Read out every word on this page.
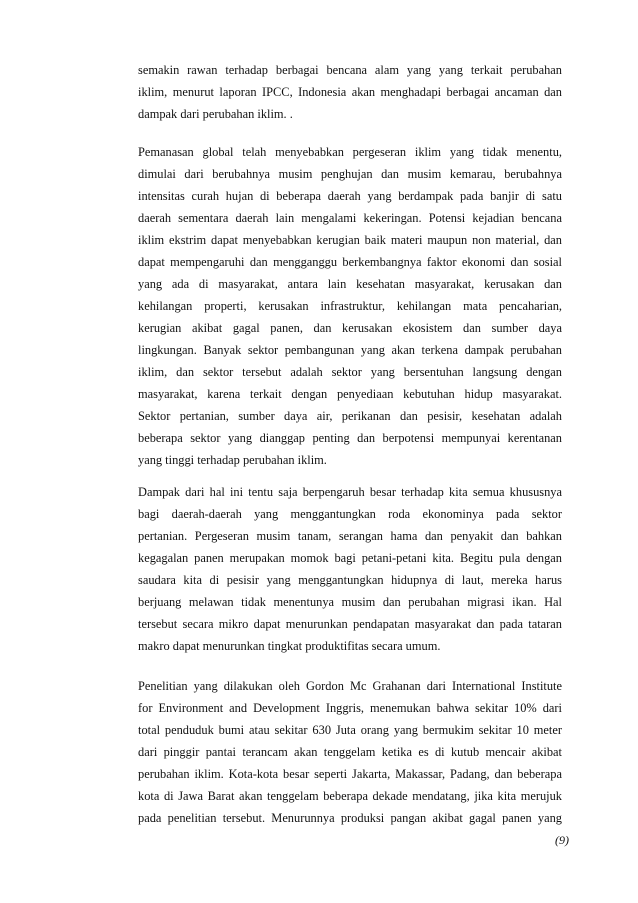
semakin rawan terhadap berbagai bencana alam yang yang terkait perubahan
iklim, menurut laporan IPCC, Indonesia akan menghadapi berbagai ancaman dan
dampak dari perubahan iklim. .
Pemanasan global telah menyebabkan pergeseran iklim yang tidak menentu,
dimulai dari berubahnya musim penghujan dan musim kemarau, berubahnya
intensitas curah hujan di beberapa daerah yang berdampak pada banjir di satu
daerah sementara daerah lain mengalami kekeringan. Potensi kejadian bencana
iklim ekstrim dapat menyebabkan kerugian baik materi maupun non material, dan
dapat mempengaruhi dan mengganggu berkembangnya faktor ekonomi dan sosial
yang ada di masyarakat, antara lain kesehatan masyarakat, kerusakan dan
kehilangan properti, kerusakan infrastruktur, kehilangan mata pencaharian,
kerugian akibat gagal panen, dan kerusakan ekosistem dan sumber daya
lingkungan. Banyak sektor pembangunan yang akan terkena dampak perubahan
iklim, dan sektor tersebut adalah sektor yang bersentuhan langsung dengan
masyarakat, karena terkait dengan penyediaan kebutuhan hidup masyarakat.
Sektor pertanian, sumber daya air, perikanan dan pesisir, kesehatan adalah
beberapa sektor yang dianggap penting dan berpotensi mempunyai kerentanan
yang tinggi terhadap perubahan iklim.
Dampak dari hal ini tentu saja berpengaruh besar terhadap kita semua khususnya
bagi daerah-daerah yang menggantungkan roda ekonominya pada sektor
pertanian. Pergeseran musim tanam, serangan hama dan penyakit dan bahkan
kegagalan panen merupakan momok bagi petani-petani kita. Begitu pula dengan
saudara kita di pesisir yang menggantungkan hidupnya di laut, mereka harus
berjuang melawan tidak menentunya musim dan perubahan migrasi ikan. Hal
tersebut secara mikro dapat menurunkan pendapatan masyarakat dan pada tataran
makro dapat menurunkan tingkat produktifitas secara umum.
Penelitian yang dilakukan oleh Gordon Mc Grahanan dari International Institute
for Environment and Development Inggris, menemukan bahwa sekitar 10% dari
total penduduk bumi atau sekitar 630 Juta orang yang bermukim sekitar 10 meter
dari pinggir pantai terancam akan tenggelam ketika es di kutub mencair akibat
perubahan iklim. Kota-kota besar seperti Jakarta, Makassar, Padang, dan beberapa
kota di Jawa Barat akan tenggelam beberapa dekade mendatang, jika kita merujuk
pada penelitian tersebut. Menurunnya produksi pangan akibat gagal panen yang
(9)
